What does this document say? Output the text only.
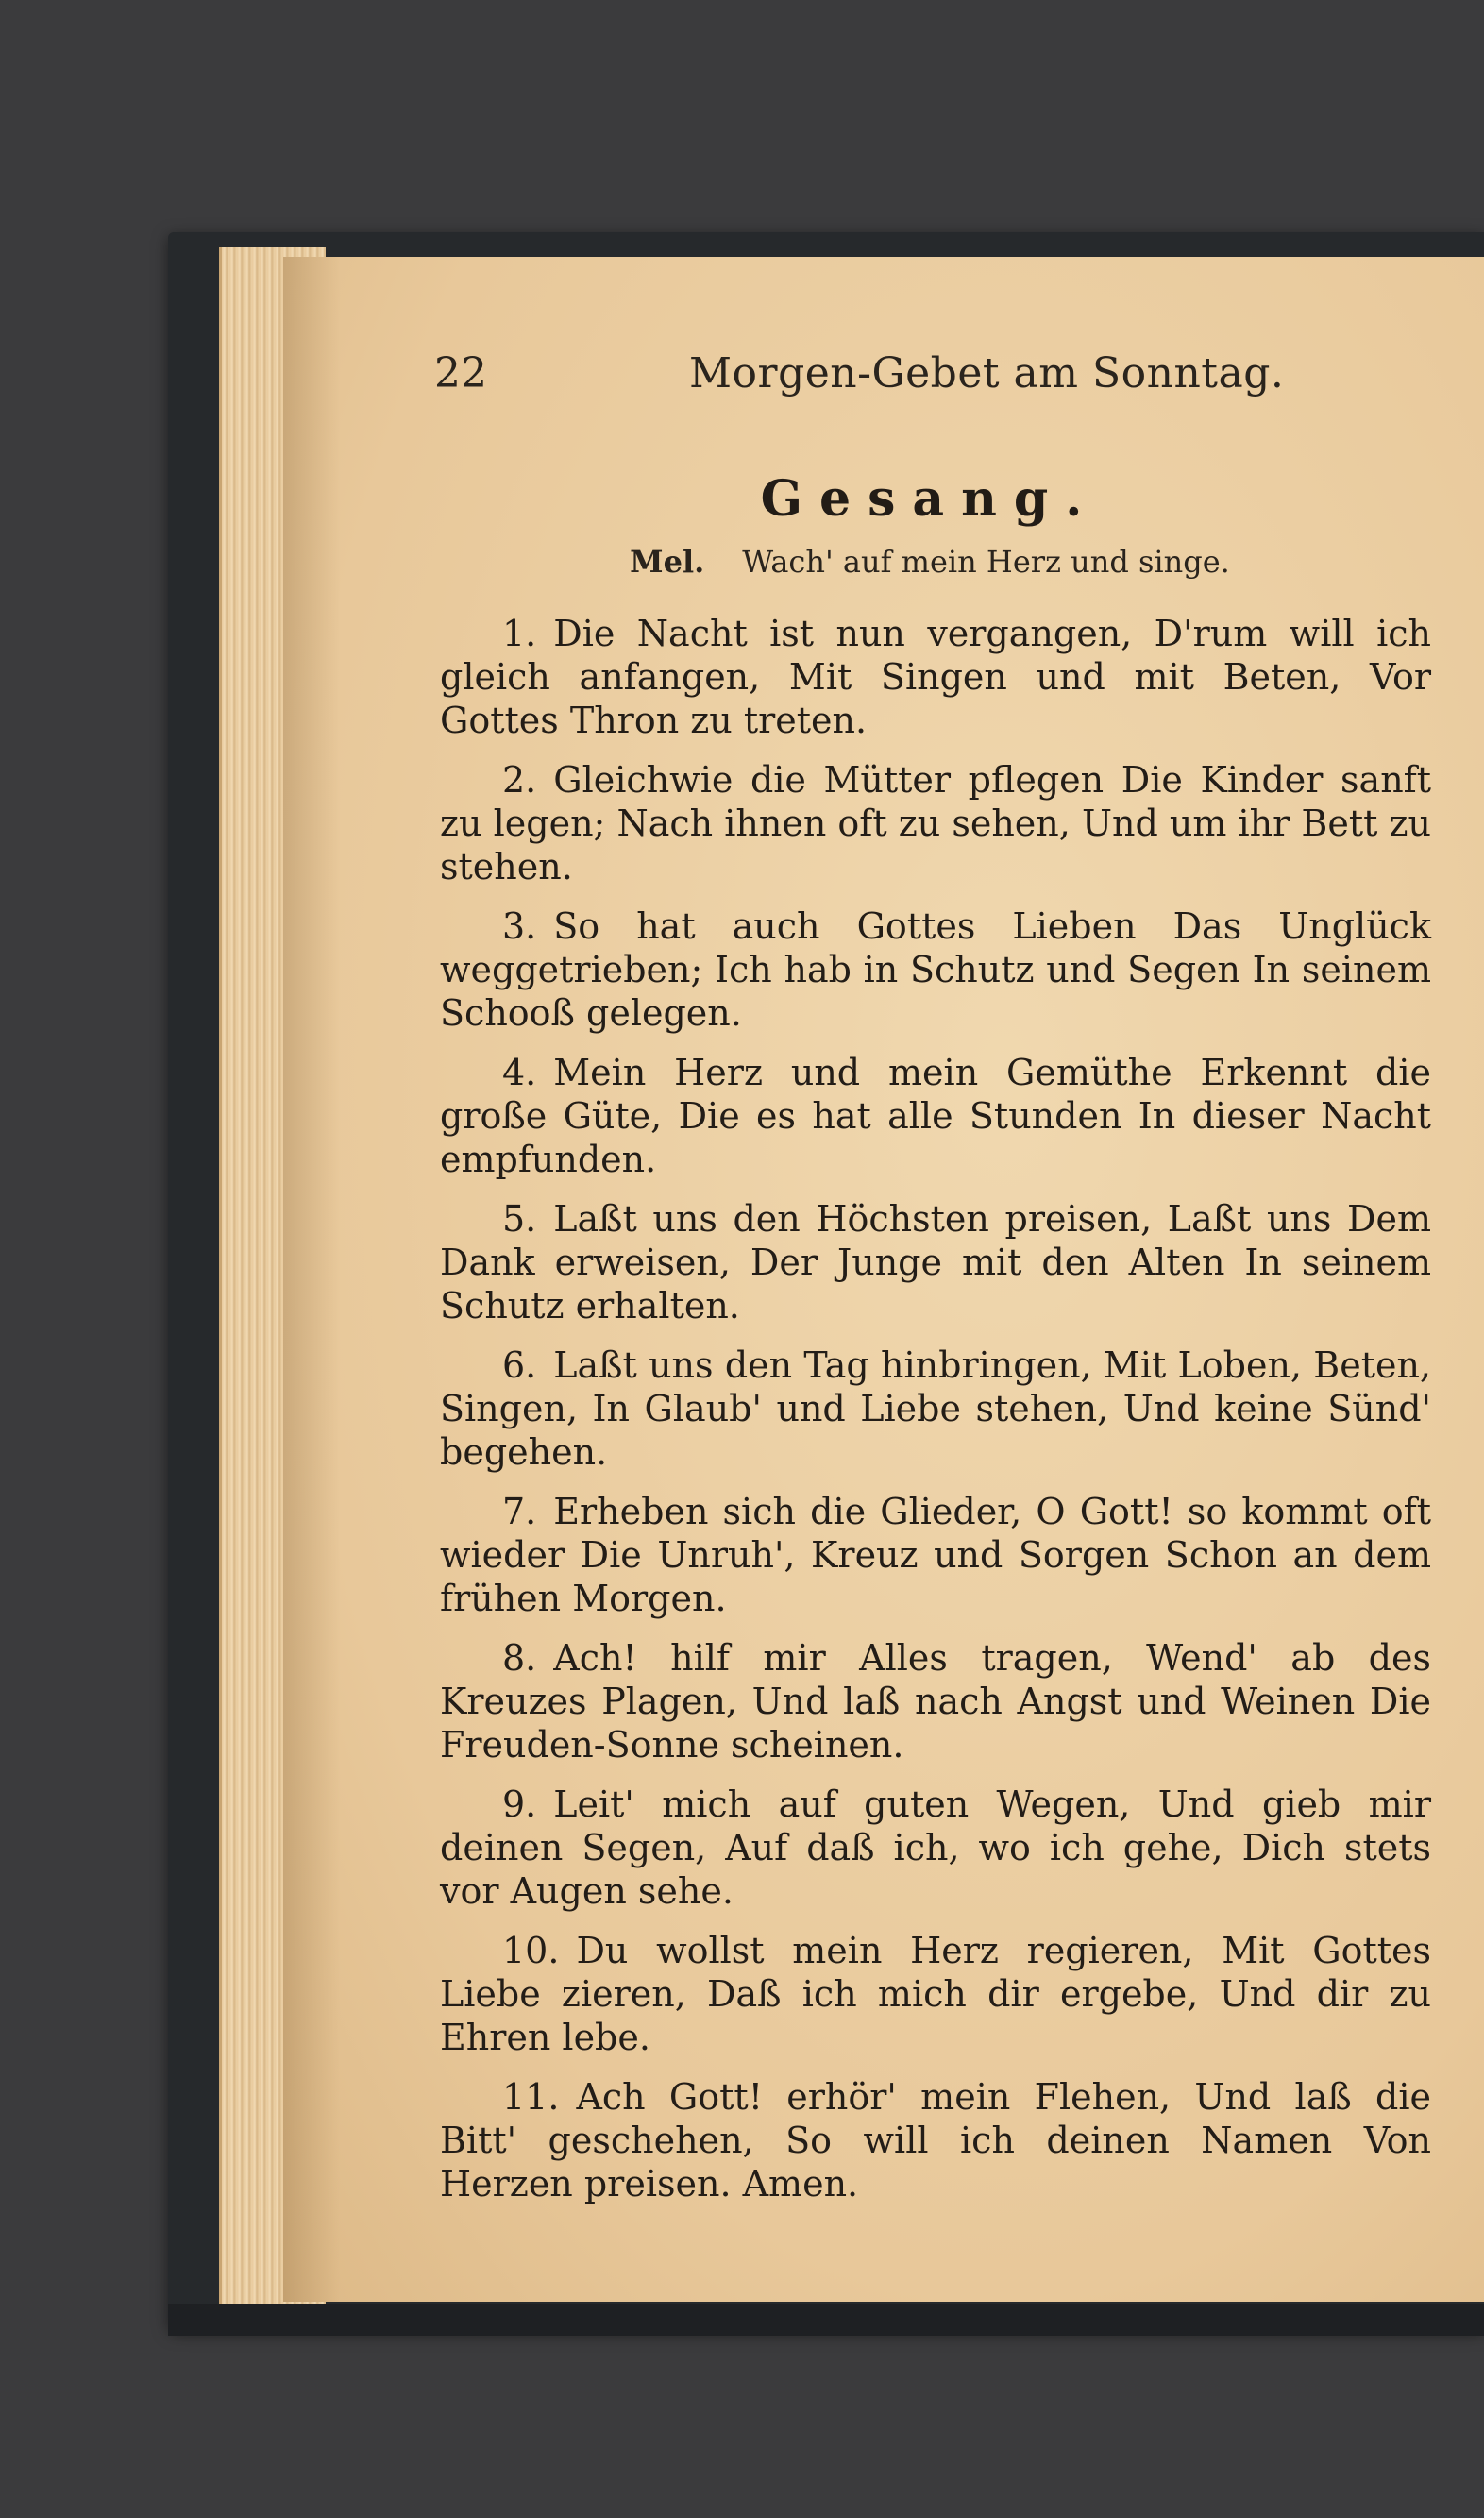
22	Morgen-Gebet am Sonntag.
Gesang.
Mel. Wach' auf mein Herz und singe.

1. Die Nacht ist nun vergangen, D'rum will ich gleich anfangen, Mit Singen und mit Beten, Vor Gottes Thron zu treten.

2. Gleichwie die Mütter pflegen Die Kinder sanft zu legen; Nach ihnen oft zu sehen, Und um ihr Bett zu stehen.

3. So hat auch Gottes Lieben Das Unglück weggetrieben; Ich hab in Schutz und Segen In seinem Schooß gelegen.

4. Mein Herz und mein Gemüthe Erkennt die große Güte, Die es hat alle Stunden In dieser Nacht empfunden.

5. Laßt uns den Höchsten preisen, Laßt uns Dem Dank erweisen, Der Junge mit den Alten In seinem Schutz erhalten.

6. Laßt uns den Tag hinbringen, Mit Loben, Beten, Singen, In Glaub' und Liebe stehen, Und keine Sünd' begehen.

7. Erheben sich die Glieder, O Gott! so kommt oft wieder Die Unruh', Kreuz und Sorgen Schon an dem frühen Morgen.

8. Ach! hilf mir Alles tragen, Wend' ab des Kreuzes Plagen, Und laß nach Angst und Weinen Die Freuden-Sonne scheinen.

9. Leit' mich auf guten Wegen, Und gieb mir deinen Segen, Auf daß ich, wo ich gehe, Dich stets vor Augen sehe.

10. Du wollst mein Herz regieren, Mit Gottes Liebe zieren, Daß ich mich dir ergebe, Und dir zu Ehren lebe.

11. Ach Gott! erhör' mein Flehen, Und laß die Bitt' geschehen, So will ich deinen Namen Von Herzen preisen. Amen.
